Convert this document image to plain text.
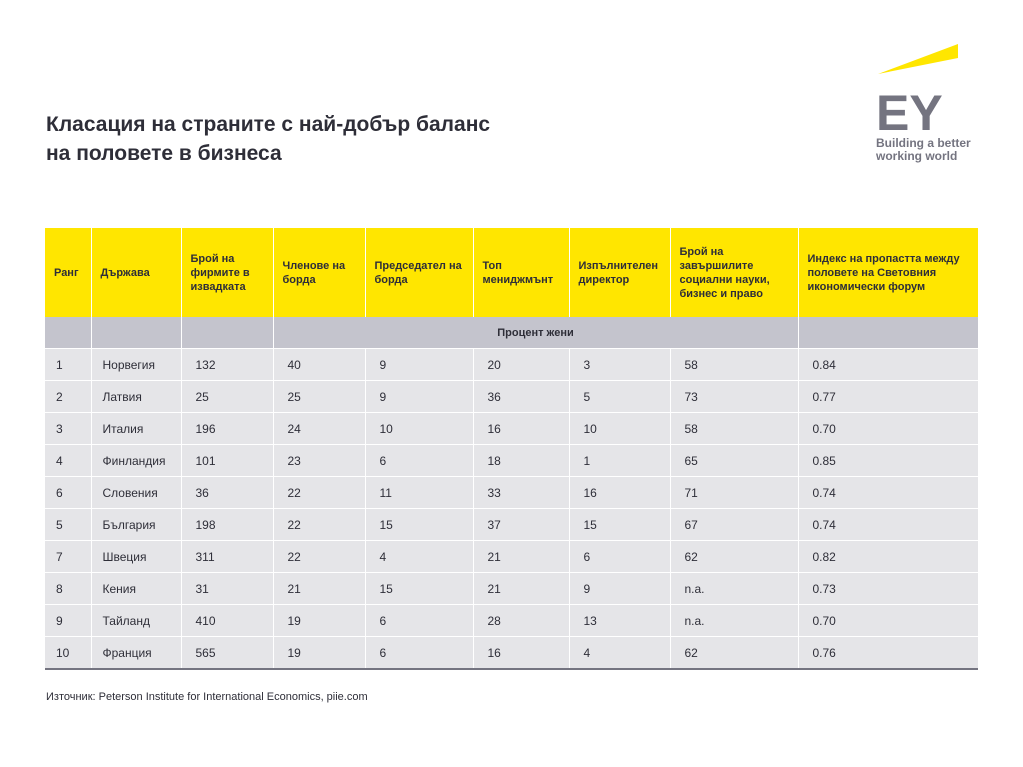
Класация на страните с най-добър баланс
на половете в бизнеса
EY
Building a better
working world
Ранг	Държава	Брой на фирмите в извадката	Членове на борда	Председател на борда	Топ мениджмънт	Изпълнителен директор	Брой на завършилите социални науки, бизнес и право	Индекс на пропастта между половете на Световния икономически форум
			Процент жени					
1	Норвегия	132	40	9	20	3	58	0.84
2	Латвия	25	25	9	36	5	73	0.77
3	Италия	196	24	10	16	10	58	0.70
4	Финландия	101	23	6	18	1	65	0.85
6	Словения	36	22	11	33	16	71	0.74
5	България	198	22	15	37	15	67	0.74
7	Швеция	311	22	4	21	6	62	0.82
8	Кения	31	21	15	21	9	n.a.	0.73
9	Тайланд	410	19	6	28	13	n.a.	0.70
10	Франция	565	19	6	16	4	62	0.76
Източник: Peterson Institute for International Economics, piie.com
